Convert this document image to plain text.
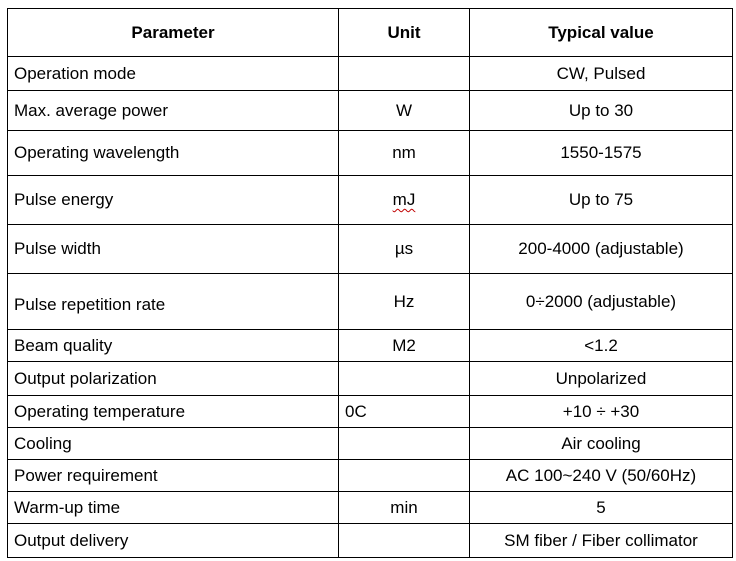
Parameter	Unit	Typical value
Operation mode		CW, Pulsed
Max. average power	W	Up to 30
Operating wavelength	nm	1550-1575
Pulse energy	mJ	Up to 75
Pulse width	µs	200-4000 (adjustable)
Pulse repetition rate	Hz	0÷2000 (adjustable)
Beam quality	M2	<1.2
Output polarization		Unpolarized
Operating temperature	0C	+10 ÷ +30
Cooling		Air cooling
Power requirement		AC 100~240 V (50/60Hz)
Warm-up time	min	5
Output delivery		SM fiber / Fiber collimator
